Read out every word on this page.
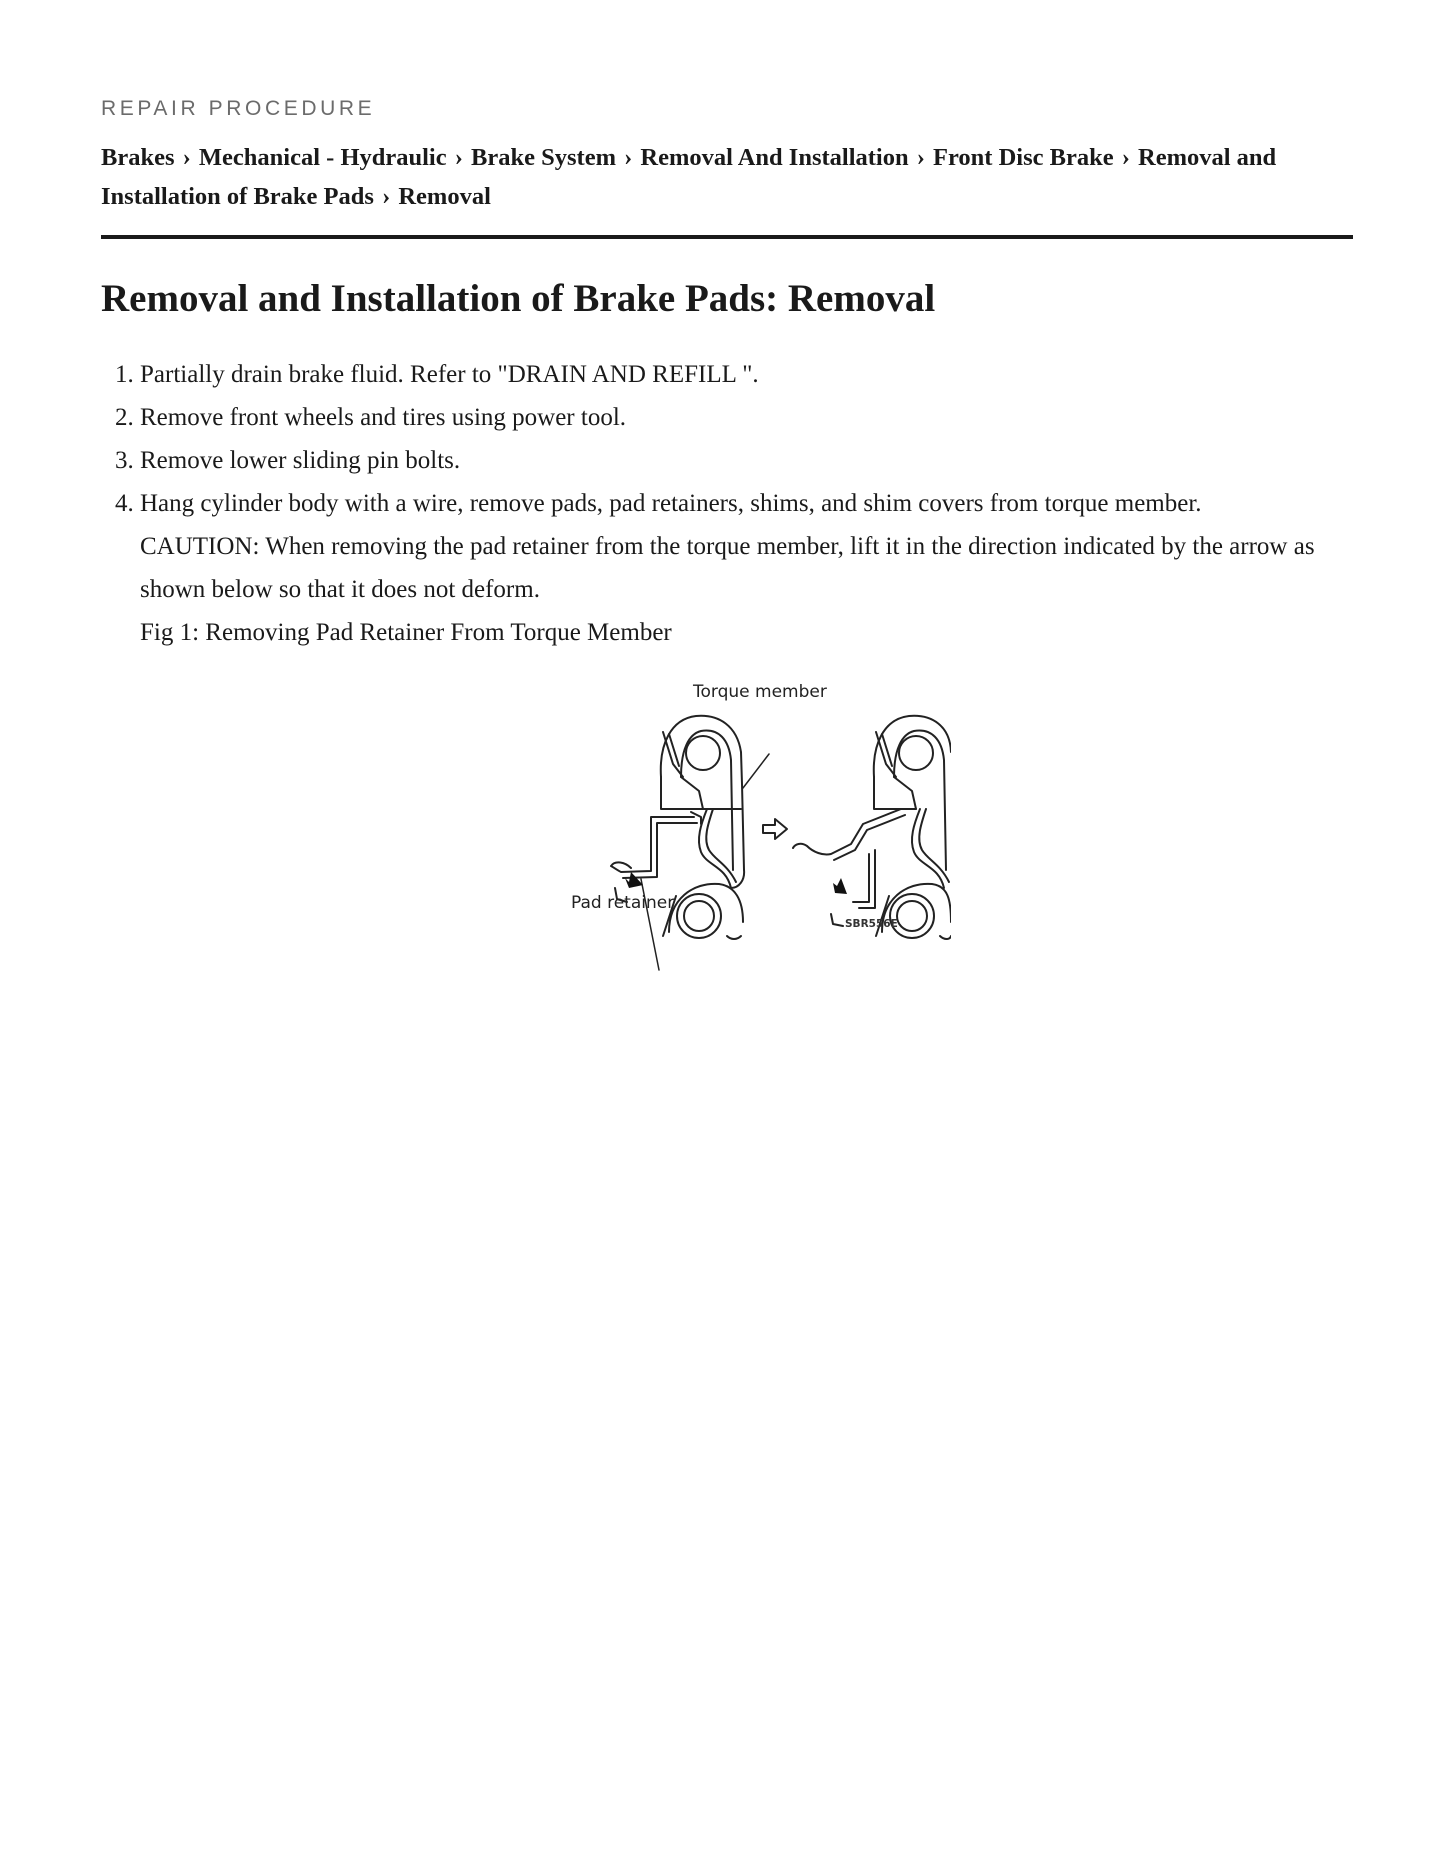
REPAIR PROCEDURE
Brakes › Mechanical - Hydraulic › Brake System › Removal And Installation › Front Disc Brake › Removal and Installation of Brake Pads › Removal
Removal and Installation of Brake Pads: Removal
1. Partially drain brake fluid. Refer to "DRAIN AND REFILL ".
2. Remove front wheels and tires using power tool.
3. Remove lower sliding pin bolts.
4. Hang cylinder body with a wire, remove pads, pad retainers, shims, and shim covers from torque member.
CAUTION: When removing the pad retainer from the torque member, lift it in the direction indicated by the arrow as shown below so that it does not deform.
Fig 1: Removing Pad Retainer From Torque Member
Torque member
Pad retainer
SBR556E
